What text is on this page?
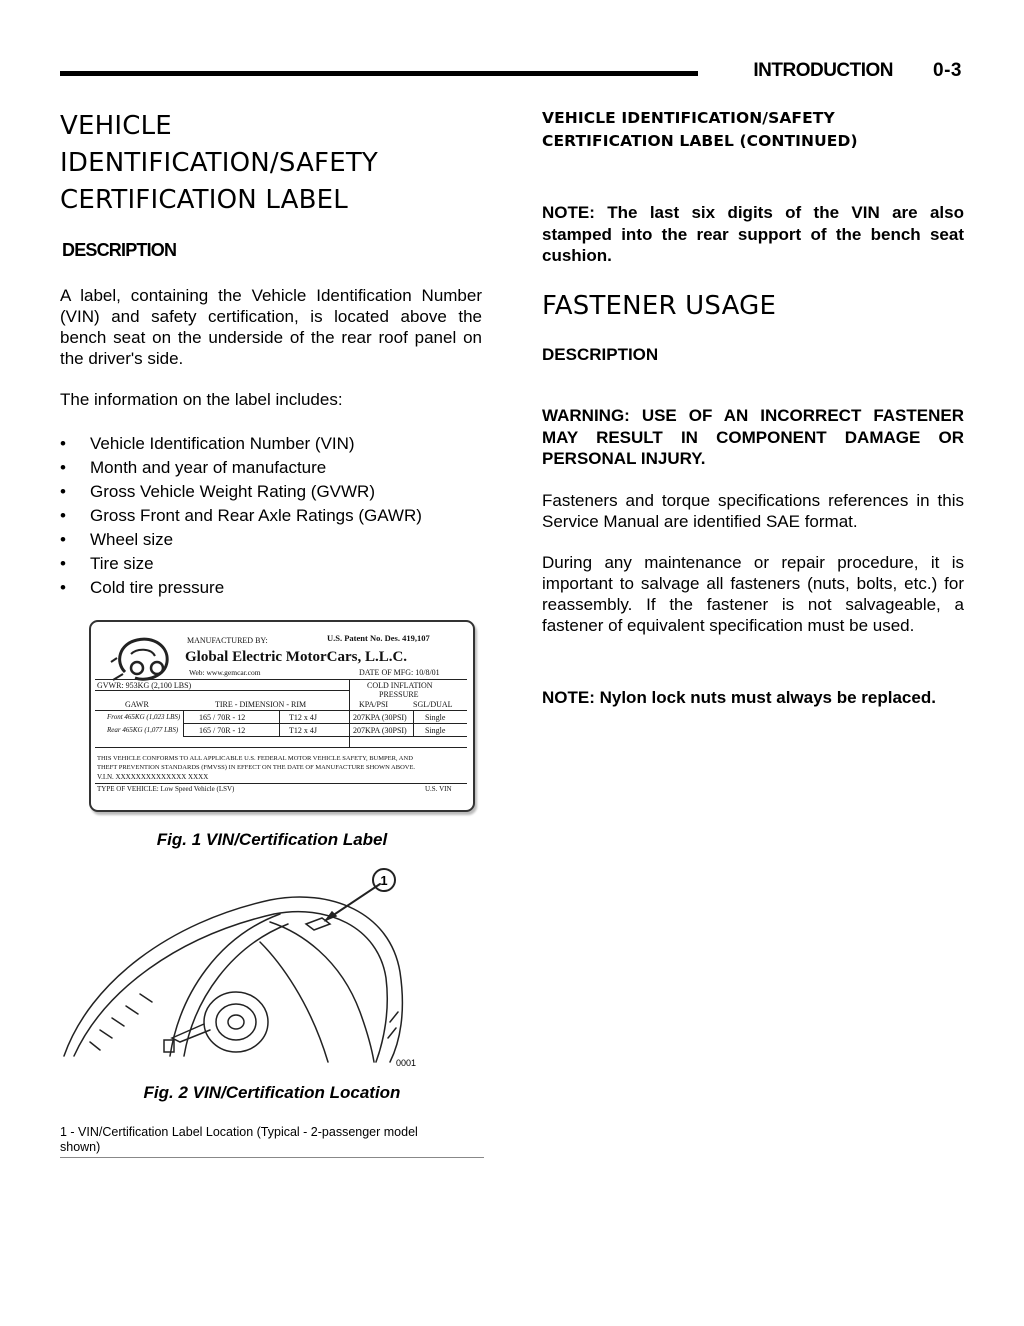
INTRODUCTION 0-3
VEHICLE
IDENTIFICATION/SAFETY
CERTIFICATION LABEL
DESCRIPTION
A label, containing the Vehicle Identification Number (VIN) and safety certification, is located above the bench seat on the underside of the rear roof panel on the driver's side.
The information on the label includes:
• Vehicle Identification Number (VIN)
• Month and year of manufacture
• Gross Vehicle Weight Rating (GVWR)
• Gross Front and Rear Axle Ratings (GAWR)
• Wheel size
• Tire size
• Cold tire pressure
MANUFACTURED BY:	U.S. Patent No. Des. 419,107
Global Electric MotorCars, L.L.C.
Web: www.gemcar.com	DATE OF MFG: 10/8/01
GVWR: 953KG (2,100 LBS)	COLD INFLATION
PRESSURE
GAWR	TIRE - DIMENSION - RIM	KPA/PSI	SGL/DUAL
Front 465KG (1,023 LBS) 165 / 70R - 12	T12 x 4J	207KPA (30PSI) Single
Rear 465KG (1,077 LBS)	165 / 70R - 12	T12 x 4J	207KPA (30PSI) Single
THIS VEHICLE CONFORMS TO ALL APPLICABLE U.S. FEDERAL MOTOR VEHICLE SAFETY, BUMPER, AND
THEFT PREVENTION STANDARDS (FMVSS) IN EFFECT ON THE DATE OF MANUFACTURE SHOWN ABOVE.
V.I.N. XXXXXXXXXXXXXX XXXX
TYPE OF VEHICLE: Low Speed Vehicle (LSV)	U.S. VIN
Fig. 1 VIN/Certification Label
1
0001
Fig. 2 VIN/Certification Location
1 - VIN/Certification Label Location (Typical - 2-passenger model shown)
VEHICLE IDENTIFICATION/SAFETY
CERTIFICATION LABEL (CONTINUED)
NOTE: The last six digits of the VIN are also stamped into the rear support of the bench seat cushion.
FASTENER USAGE
DESCRIPTION
WARNING: USE OF AN INCORRECT FASTENER MAY RESULT IN COMPONENT DAMAGE OR PERSONAL INJURY.
Fasteners and torque specifications references in this Service Manual are identified SAE format.
During any maintenance or repair procedure, it is important to salvage all fasteners (nuts, bolts, etc.) for reassembly. If the fastener is not salvageable, a fastener of equivalent specification must be used.
NOTE: Nylon lock nuts must always be replaced.
